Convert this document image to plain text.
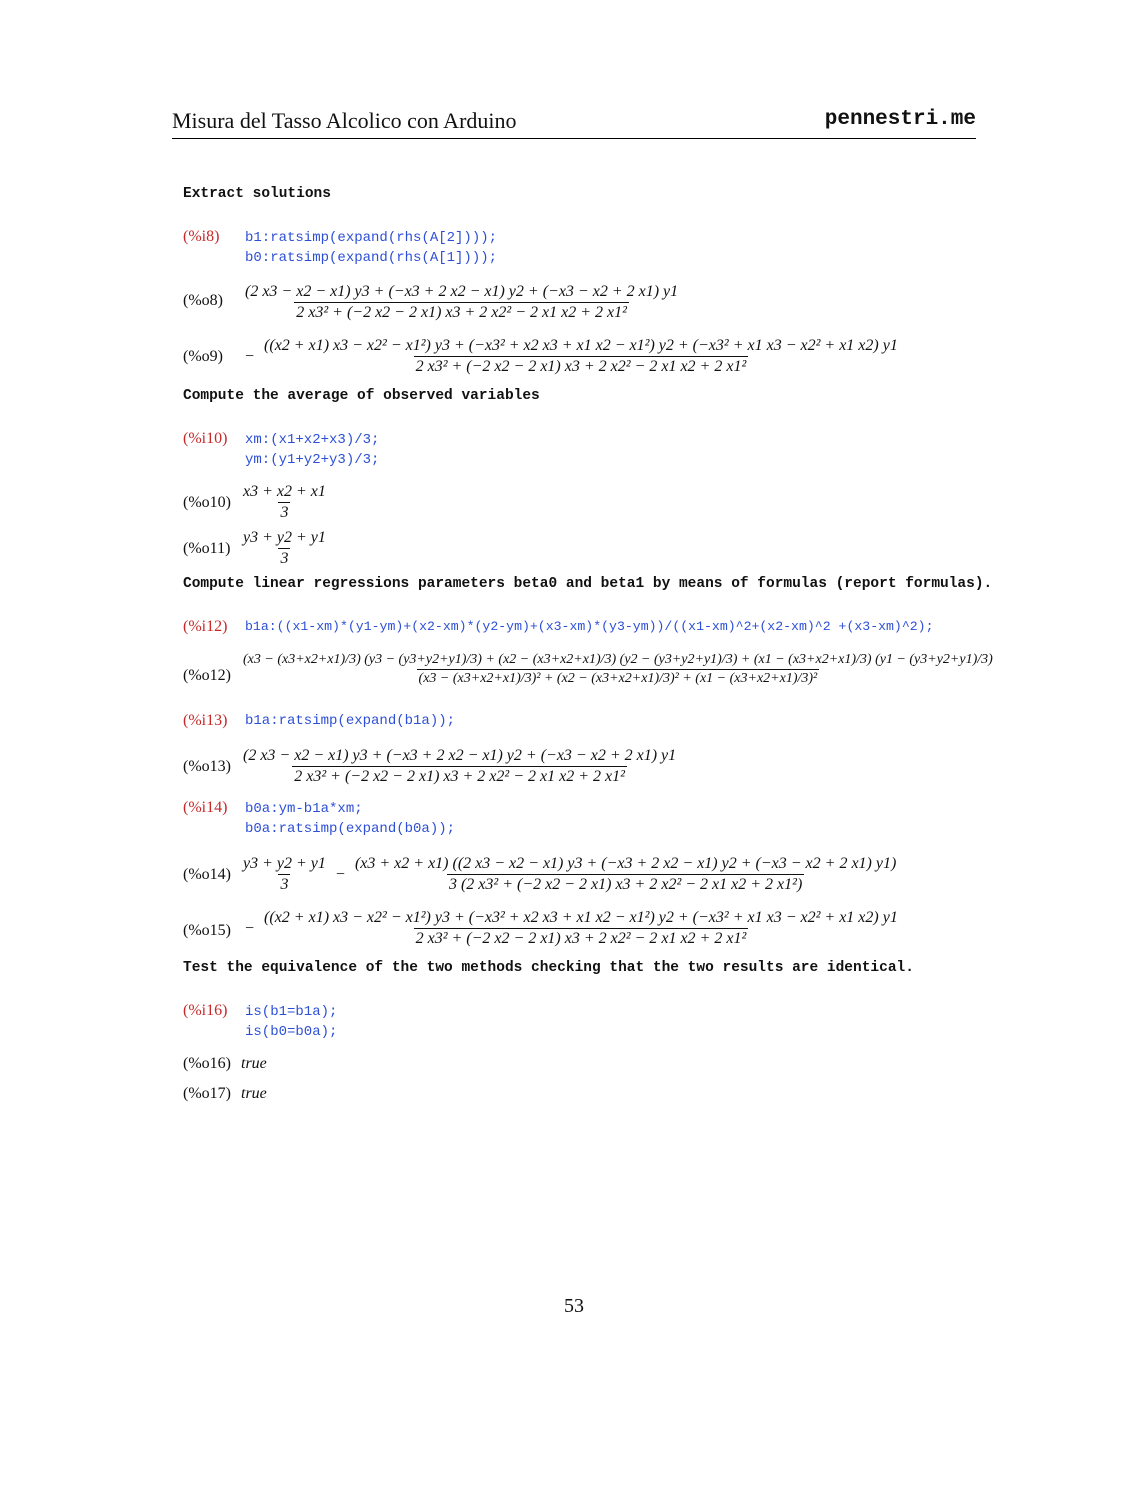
Misura del Tasso Alcolico con Arduino	pennestri.me
Extract solutions
(%i8) b1:ratsimp(expand(rhs(A[2])));
b0:ratsimp(expand(rhs(A[1])));
(%o8)
(2 x3 − x2 − x1) y3 + (−x3 + 2 x2 − x1) y2 + (−x3 − x2 + 2 x1) y1
2 x3² + (−2 x2 − 2 x1) x3 + 2 x2² − 2 x1 x2 + 2 x1²
(%o9) −
((x2 + x1) x3 − x2² − x1²) y3 + (−x3² + x2 x3 + x1 x2 − x1²) y2 + (−x3² + x1 x3 − x2² + x1 x2) y1
2 x3² + (−2 x2 − 2 x1) x3 + 2 x2² − 2 x1 x2 + 2 x1²
Compute the average of observed variables
(%i10) xm:(x1+x2+x3)/3;
ym:(y1+y2+y3)/3;
$(\%o10) \frac{x3 + x2 + x1}{3}$
$(\%o11) \frac{y3 + y2 + y1}{3}$
Compute linear regressions parameters beta0 and beta1 by means of formulas (report formulas).
(%i12) b1a:((x1-xm)*(y1-ym)+(x2-xm)*(y2-ym)+(x3-xm)*(y3-ym))/((x1-xm)^2+(x2-xm)^2 +(x3-xm)^2);
(%o12)
(x3 − (x3+x2+x1)/3) (y3 − (y3+y2+y1)/3) + (x2 − (x3+x2+x1)/3) (y2 − (y3+y2+y1)/3) + (x1 − (x3+x2+x1)/3) (y1 − (y3+y2+y1)/3)
(x3 − (x3+x2+x1)/3)² + (x2 − (x3+x2+x1)/3)² + (x1 − (x3+x2+x1)/3)²
(%i13) b1a:ratsimp(expand(b1a));
(%o13)
(2 x3 − x2 − x1) y3 + (−x3 + 2 x2 − x1) y2 + (−x3 − x2 + 2 x1) y1
2 x3² + (−2 x2 − 2 x1) x3 + 2 x2² − 2 x1 x2 + 2 x1²
(%i14) b0a:ym-b1a*xm;
b0a:ratsimp(expand(b0a));
$(\%o14) \frac{y3 + y2 + y1}{3}$ −
(x3 + x2 + x1) ((2 x3 − x2 − x1) y3 + (−x3 + 2 x2 − x1) y2 + (−x3 − x2 + 2 x1) y1)
3 (2 x3² + (−2 x2 − 2 x1) x3 + 2 x2² − 2 x1 x2 + 2 x1²)
(%o15) −
((x2 + x1) x3 − x2² − x1²) y3 + (−x3² + x2 x3 + x1 x2 − x1²) y2 + (−x3² + x1 x3 − x2² + x1 x2) y1
2 x3² + (−2 x2 − 2 x1) x3 + 2 x2² − 2 x1 x2 + 2 x1²
Test the equivalence of the two methods checking that the two results are identical.
(%i16) is(b1=b1a);
is(b0=b0a);
(%o16) true
(%o17) true
53
